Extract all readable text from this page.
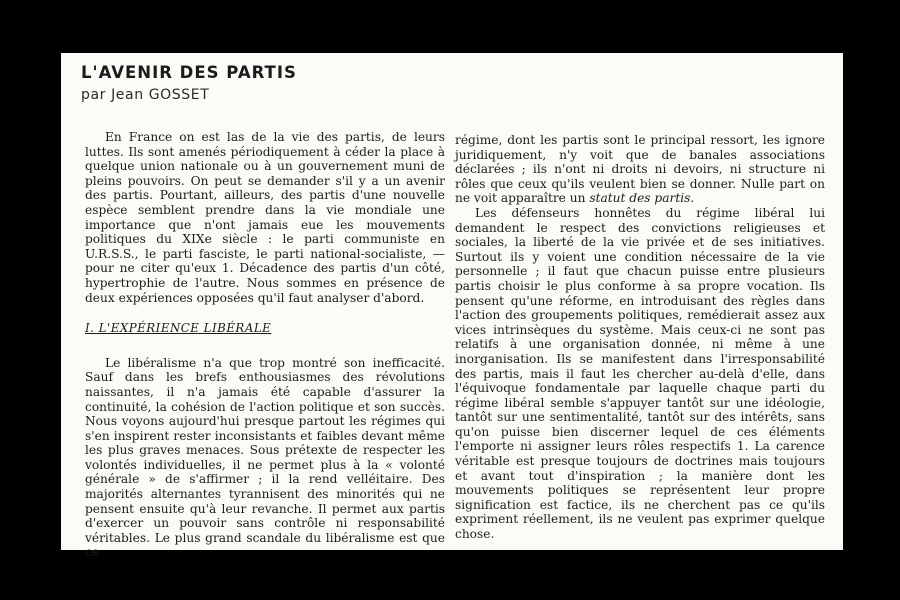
L'AVENIR DES PARTIS
par Jean GOSSET

En France on est las de la vie des partis, de leurs luttes. Ils sont amenés périodiquement à céder la place à quelque union nationale ou à un gouvernement muni de pleins pouvoirs. On peut se demander s'il y a un avenir des partis. Pourtant, ailleurs, des partis d'une nouvelle espèce semblent prendre dans la vie mondiale une importance que n'ont jamais eue les mouvements politiques du XIXe siècle : le parti communiste en U.R.S.S., le parti fasciste, le parti national-socialiste, — pour ne citer qu'eux 1. Décadence des partis d'un côté, hypertrophie de l'autre. Nous sommes en présence de deux expériences opposées qu'il faut analyser d'abord.

I. L'EXPÉRIENCE LIBÉRALE

Le libéralisme n'a que trop montré son inefficacité. Sauf dans les brefs enthousiasmes des révolutions naissantes, il n'a jamais été capable d'assurer la continuité, la cohésion de l'action politique et son succès. Nous voyons aujourd'hui presque partout les régimes qui s'en inspirent rester inconsistants et faibles devant même les plus graves menaces. Sous prétexte de respecter les volontés individuelles, il ne permet plus à la « volonté générale » de s'affirmer ; il la rend velléitaire. Des majorités alternantes tyrannisent des minorités qui ne pensent ensuite qu'à leur revanche. Il permet aux partis d'exercer un pouvoir sans contrôle ni responsabilité véritables. Le plus grand scandale du libéralisme est que ce

régime, dont les partis sont le principal ressort, les ignore juridiquement, n'y voit que de banales associations déclarées ; ils n'ont ni droits ni devoirs, ni structure ni rôles que ceux qu'ils veulent bien se donner. Nulle part on ne voit apparaître un statut des partis.

Les défenseurs honnêtes du régime libéral lui demandent le respect des convictions religieuses et sociales, la liberté de la vie privée et de ses initiatives. Surtout ils y voient une condition nécessaire de la vie personnelle ; il faut que chacun puisse entre plusieurs partis choisir le plus conforme à sa propre vocation. Ils pensent qu'une réforme, en introduisant des règles dans l'action des groupements politiques, remédierait assez aux vices intrinsèques du système. Mais ceux-ci ne sont pas relatifs à une organisation donnée, ni même à une inorganisation. Ils se manifestent dans l'irresponsabilité des partis, mais il faut les chercher au-delà d'elle, dans l'équivoque fondamentale par laquelle chaque parti du régime libéral semble s'appuyer tantôt sur une idéologie, tantôt sur une sentimentalité, tantôt sur des intérêts, sans qu'on puisse bien discerner lequel de ces éléments l'emporte ni assigner leurs rôles respectifs 1. La carence véritable est presque toujours de doctrines mais toujours et avant tout d'inspiration ; la manière dont les mouvements politiques se représentent leur propre signification est factice, ils ne cherchent pas ce qu'ils expriment réellement, ils ne veulent pas exprimer quelque chose.
